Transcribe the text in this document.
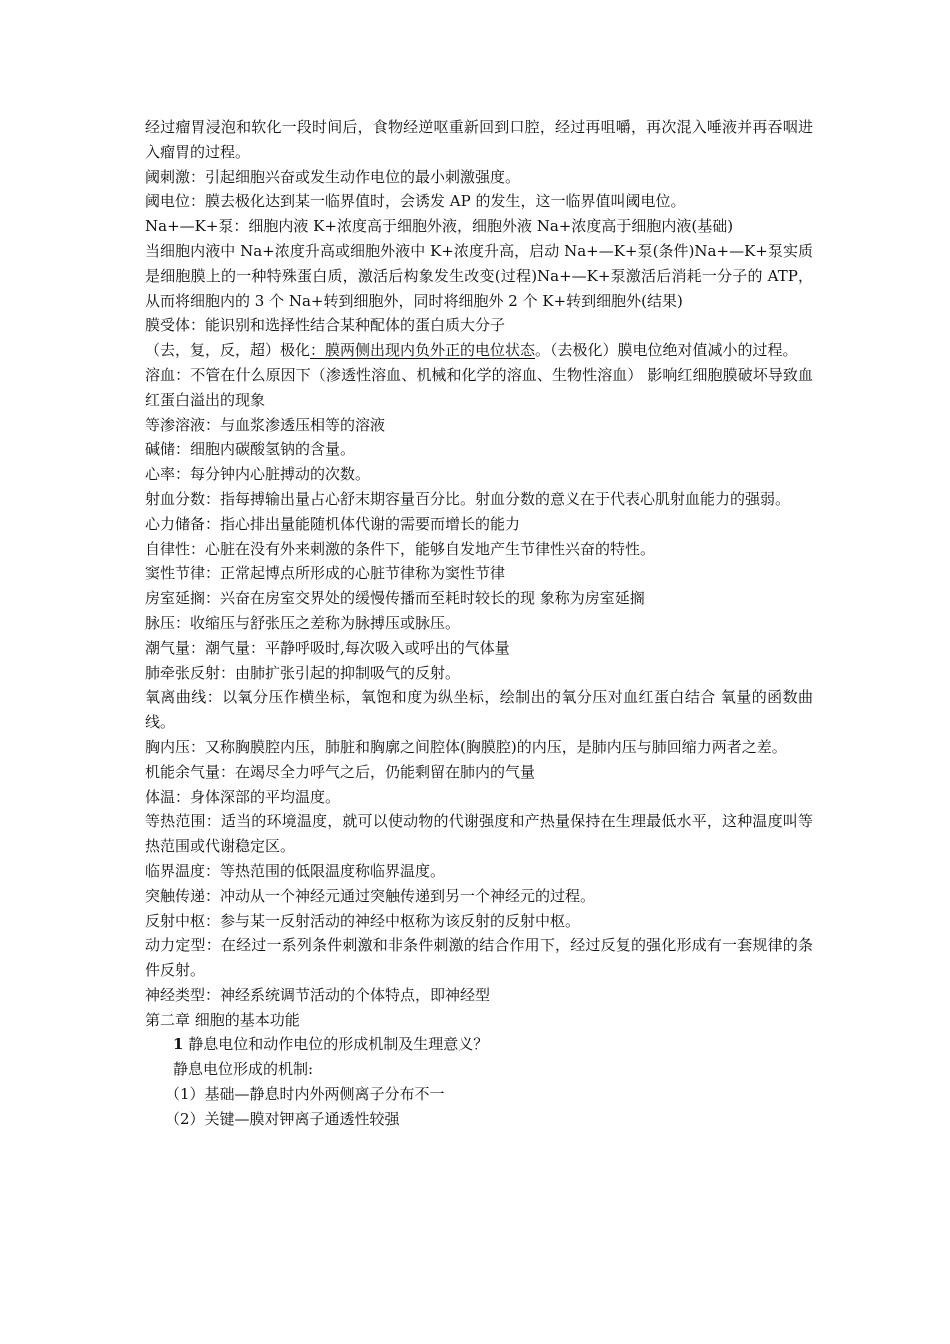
经过瘤胃浸泡和软化一段时间后，食物经逆呕重新回到口腔，经过再咀嚼，再次混入唾液并再吞咽进入瘤胃的过程。

阈刺激：引起细胞兴奋或发生动作电位的最小刺激强度。

阈电位：膜去极化达到某一临界值时，会诱发 AP 的发生，这一临界值叫阈电位。

Na+—K+泵：细胞内液 K+浓度高于细胞外液，细胞外液 Na+浓度高于细胞内液(基础)

当细胞内液中 Na+浓度升高或细胞外液中 K+浓度升高，启动 Na+—K+泵(条件)Na+—K+泵实质是细胞膜上的一种特殊蛋白质，激活后构象发生改变(过程)Na+—K+泵激活后消耗一分子的 ATP，从而将细胞内的 3 个 Na+转到细胞外，同时将细胞外 2 个 K+转到细胞外(结果)

膜受体：能识别和选择性结合某种配体的蛋白质大分子

（去，复，反，超）极化：膜两侧出现内负外正的电位状态。（去极化）膜电位绝对值减小的过程。

溶血：不管在什么原因下（渗透性溶血、机械和化学的溶血、生物性溶血） 影响红细胞膜破坏导致血红蛋白溢出的现象

等渗溶液：与血浆渗透压相等的溶液

碱储：细胞内碳酸氢钠的含量。

心率：每分钟内心脏搏动的次数。

射血分数：指每搏输出量占心舒末期容量百分比。射血分数的意义在于代表心肌射血能力的强弱。

心力储备：指心排出量能随机体代谢的需要而增长的能力

自律性：心脏在没有外来刺激的条件下，能够自发地产生节律性兴奋的特性。

窦性节律：正常起博点所形成的心脏节律称为窦性节律

房室延搁：兴奋在房室交界处的缓慢传播而至耗时较长的现 象称为房室延搁

脉压：收缩压与舒张压之差称为脉搏压或脉压。

潮气量：潮气量：平静呼吸时,每次吸入或呼出的气体量

肺牵张反射：由肺扩张引起的抑制吸气的反射。

氧离曲线：以氧分压作横坐标，氧饱和度为纵坐标，绘制出的氧分压对血红蛋白结合 氧量的函数曲线。

胸内压：又称胸膜腔内压，肺脏和胸廓之间腔体(胸膜腔)的内压，是肺内压与肺回缩力两者之差。

机能余气量：在竭尽全力呼气之后，仍能剩留在肺内的气量

体温：身体深部的平均温度。

等热范围：适当的环境温度，就可以使动物的代谢强度和产热量保持在生理最低水平，这种温度叫等热范围或代谢稳定区。

临界温度：等热范围的低限温度称临界温度。

突触传递：冲动从一个神经元通过突触传递到另一个神经元的过程。

反射中枢：参与某一反射活动的神经中枢称为该反射的反射中枢。

动力定型：在经过一系列条件刺激和非条件刺激的结合作用下，经过反复的强化形成有一套规律的条件反射。

神经类型：神经系统调节活动的个体特点，即神经型

第二章 细胞的基本功能

1 静息电位和动作电位的形成机制及生理意义？

静息电位形成的机制:

（1）基础—静息时内外两侧离子分布不一

（2）关键—膜对钾离子通透性较强
